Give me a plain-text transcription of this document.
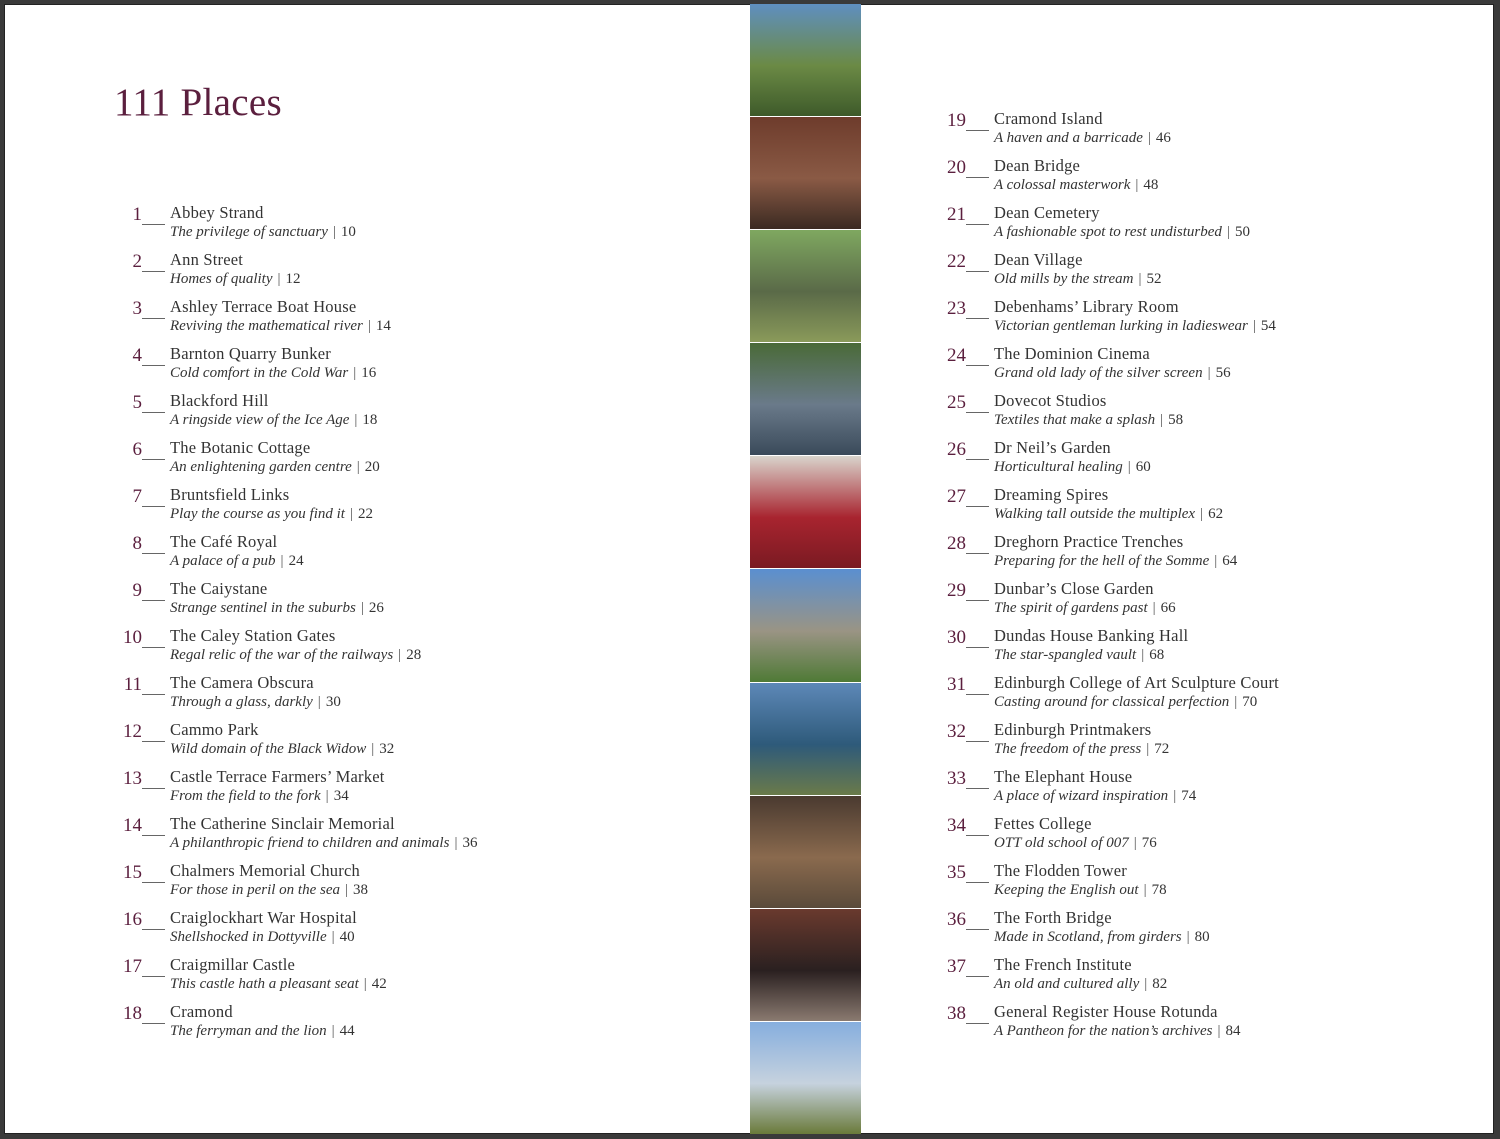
111 Places
1 Abbey Strand
The privilege of sanctuary | 10
2 Ann Street
Homes of quality | 12
3 Ashley Terrace Boat House
Reviving the mathematical river | 14
4 Barnton Quarry Bunker
Cold comfort in the Cold War | 16
5 Blackford Hill
A ringside view of the Ice Age | 18
6 The Botanic Cottage
An enlightening garden centre | 20
7 Bruntsfield Links
Play the course as you find it | 22
8 The Café Royal
A palace of a pub | 24
9 The Caiystane
Strange sentinel in the suburbs | 26
10 The Caley Station Gates
Regal relic of the war of the railways | 28
11 The Camera Obscura
Through a glass, darkly | 30
12 Cammo Park
Wild domain of the Black Widow | 32
13 Castle Terrace Farmers’ Market
From the field to the fork | 34
14 The Catherine Sinclair Memorial
A philanthropic friend to children and animals | 36
15 Chalmers Memorial Church
For those in peril on the sea | 38
16 Craiglockhart War Hospital
Shellshocked in Dottyville | 40
17 Craigmillar Castle
This castle hath a pleasant seat | 42
18 Cramond
The ferryman and the lion | 44
19 Cramond Island
A haven and a barricade | 46
20 Dean Bridge
A colossal masterwork | 48
21 Dean Cemetery
A fashionable spot to rest undisturbed | 50
22 Dean Village
Old mills by the stream | 52
23 Debenhams’ Library Room
Victorian gentleman lurking in ladieswear | 54
24 The Dominion Cinema
Grand old lady of the silver screen | 56
25 Dovecot Studios
Textiles that make a splash | 58
26 Dr Neil’s Garden
Horticultural healing | 60
27 Dreaming Spires
Walking tall outside the multiplex | 62
28 Dreghorn Practice Trenches
Preparing for the hell of the Somme | 64
29 Dunbar’s Close Garden
The spirit of gardens past | 66
30 Dundas House Banking Hall
The star-spangled vault | 68
31 Edinburgh College of Art Sculpture Court
Casting around for classical perfection | 70
32 Edinburgh Printmakers
The freedom of the press | 72
33 The Elephant House
A place of wizard inspiration | 74
34 Fettes College
OTT old school of 007 | 76
35 The Flodden Tower
Keeping the English out | 78
36 The Forth Bridge
Made in Scotland, from girders | 80
37 The French Institute
An old and cultured ally | 82
38 General Register House Rotunda
A Pantheon for the nation’s archives | 84
